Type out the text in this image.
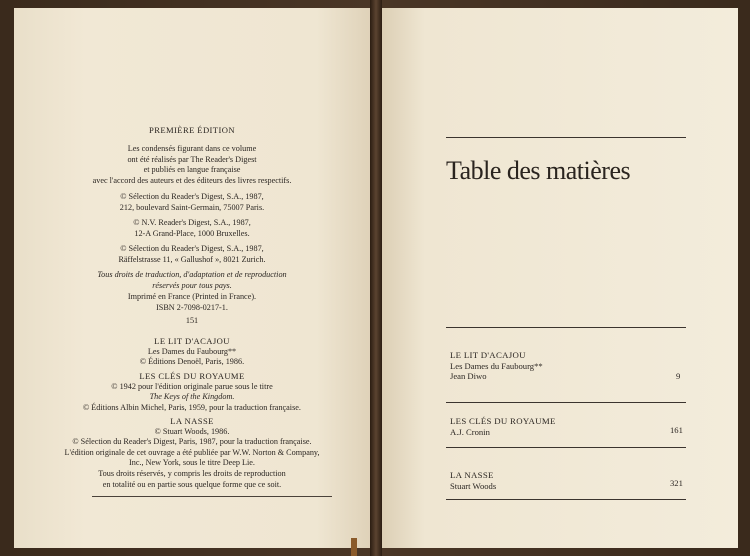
PREMIÈRE ÉDITION
Les condensés figurant dans ce volume
ont été réalisés par The Reader's Digest
et publiés en langue française
avec l'accord des auteurs et des éditeurs des livres respectifs.
© Sélection du Reader's Digest, S.A., 1987,
212, boulevard Saint-Germain, 75007 Paris.
© N.V. Reader's Digest, S.A., 1987,
12-A Grand-Place, 1000 Bruxelles.
© Sélection du Reader's Digest, S.A., 1987,
Räffelstrasse 11, « Gallushof », 8021 Zurich.
Tous droits de traduction, d'adaptation et de reproduction
réservés pour tous pays.
Imprimé en France (Printed in France).
ISBN 2-7098-0217-1.
151
LE LIT D'ACAJOU
Les Dames du Faubourg**
© Éditions Denoël, Paris, 1986.
LES CLÉS DU ROYAUME
© 1942 pour l'édition originale parue sous le titre
The Keys of the Kingdom.
© Éditions Albin Michel, Paris, 1959, pour la traduction française.
LA NASSE
© Stuart Woods, 1986.
© Sélection du Reader's Digest, Paris, 1987, pour la traduction française.
L'édition originale de cet ouvrage a été publiée par W.W. Norton & Company,
Inc., New York, sous le titre Deep Lie.
Tous droits réservés, y compris les droits de reproduction
en totalité ou en partie sous quelque forme que ce soit.
Table des matières
LE LIT D'ACAJOU
Les Dames du Faubourg**
Jean Diwo	9
LES CLÉS DU ROYAUME
A.J. Cronin	161
LA NASSE
Stuart Woods	321
